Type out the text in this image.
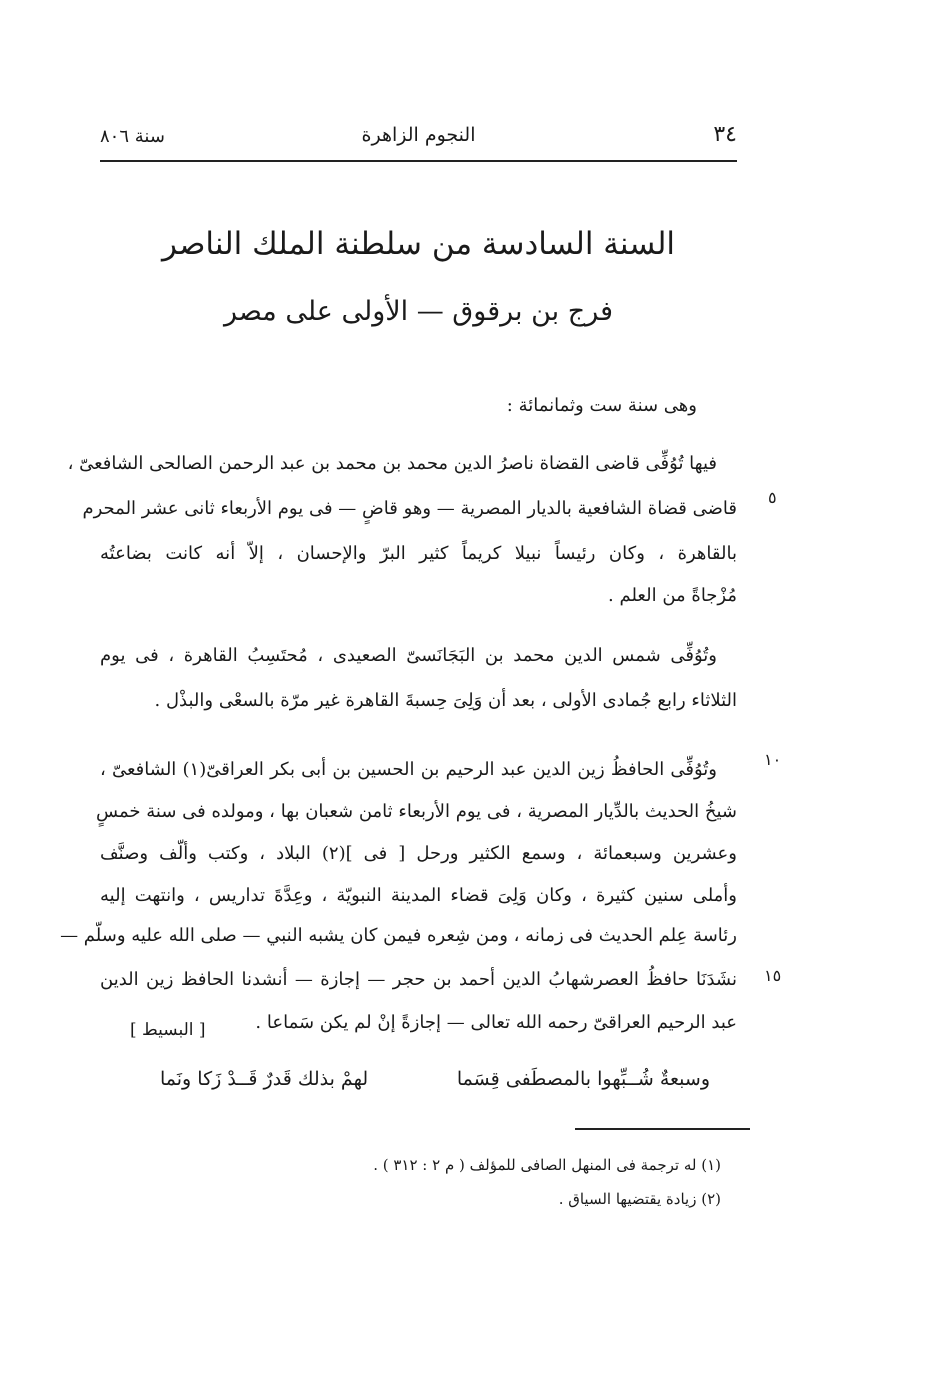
٣٤
النجوم الزاهرة
سنة ٨٠٦
السنة السادسة من سلطنة الملك الناصر
فرج بن برقوق — الأولى على مصر
وهى سنة ست وثمانمائة :
فيها تُوُفِّى قاضى القضاة ناصرُ الدين محمد بن محمد بن عبد الرحمن الصالحى الشافعىّ ،
قاضى قضاة الشافعية بالديار المصرية — وهو قاضٍ — فى يوم الأربعاء ثانى عشر المحرم
بالقاهرة ، وكان رئيساً نبيلا كريماً كثير البرّ والإحسان ، إلاّ أنه كانت بضاعتُه
مُزْجاةً من العلم .
وتُوُفِّى شمس الدين محمد بن البَجَانَسىّ الصعيدى ، مُحتَسِبُ القاهرة ، فى يوم
الثلاثاء رابع جُمادى الأولى ، بعد أن وَلِىَ حِسبةَ القاهرة غير مرّة بالسعْى والبذْل .
وتُوُفِّى الحافظُ زين الدين عبد الرحيم بن الحسين بن أبى بكر العراقىّ(١) الشافعىّ ،
شيخُ الحديث بالدِّيار المصرية ، فى يوم الأربعاء ثامن شعبان بها ، ومولده فى سنة خمسٍ
وعشرين وسبعمائة ، وسمع الكثير ورحل [ فى ](٢) البلاد ، وكتب وألّف وصنَّف
وأملى سنين كثيرة ، وكان وَلِىَ قضاء المدينة النبويّة ، وعِدَّةَ تداريس ، وانتهت إليه
رئاسة عِلم الحديث فى زمانه ، ومن شِعره فيمن كان يشبه النبي — صلى الله عليه وسلّم —
نشَدَنَا حافظُ العصرشهابُ الدين أحمد بن حجر — إجازة — أنشدنا الحافظ زين الدين
عبد الرحيم العراقىّ رحمه الله تعالى — إجازةً إنْ لم يكن سَماعا .
٥
١٠
١٥
[ البسيط ]
وسبعةٌ شُــبِّهوا بالمصطَفى قِسَما
لهمْ بذلك قَدرٌ قَــدْ زَكا ونَما
(١) له ترجمة فى المنهل الصافى للمؤلف ( م ٢ : ٣١٢ ) .
(٢) زيادة يقتضيها السياق .
